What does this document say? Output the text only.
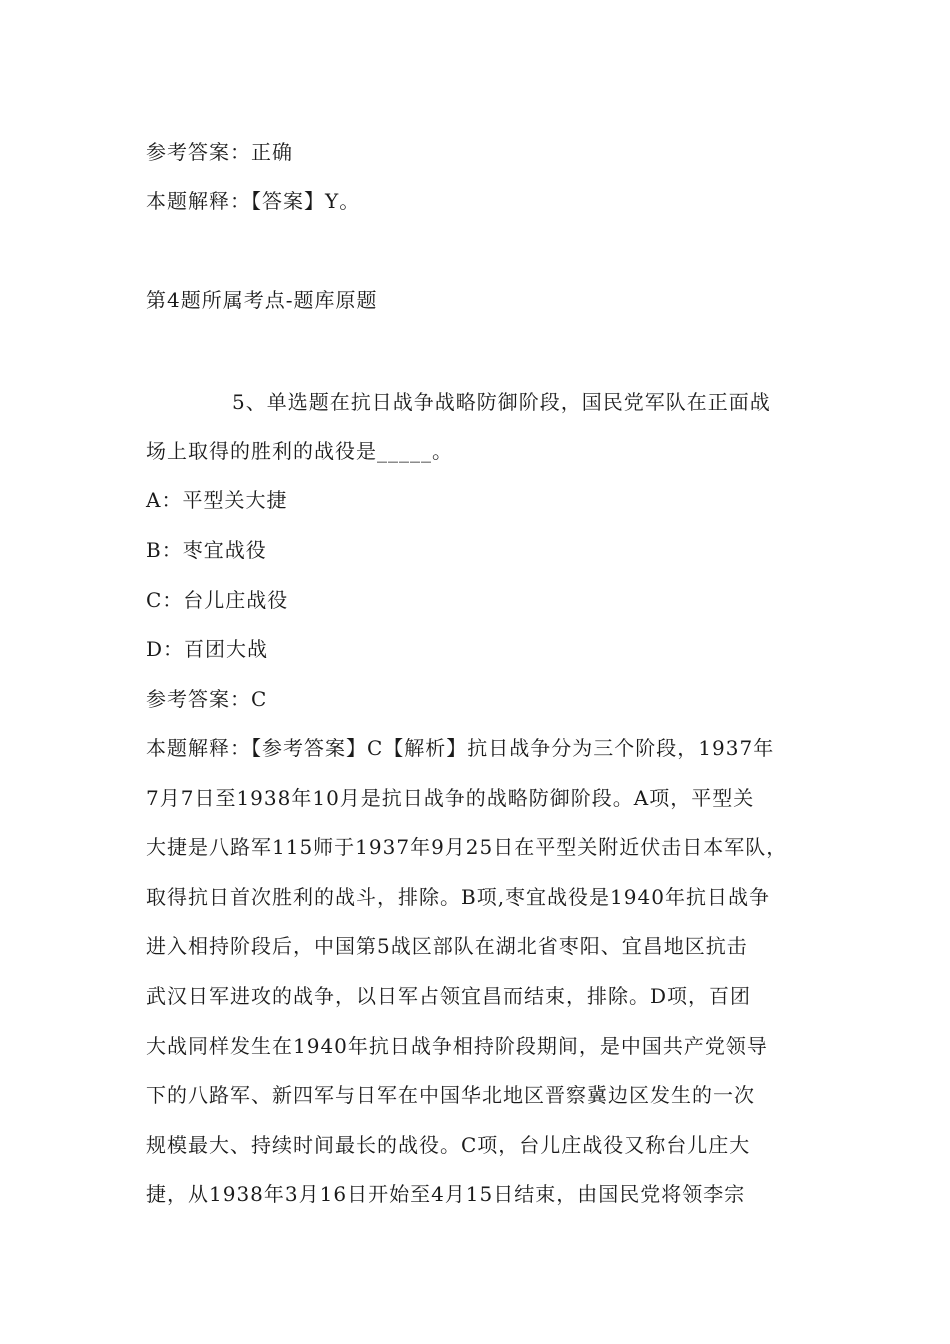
参考答案：正确
本题解释：【答案】Y。
第4题所属考点-题库原题
5、单选题在抗日战争战略防御阶段，国民党军队在正面战
场上取得的胜利的战役是_____。
A：平型关大捷
B：枣宜战役
C：台儿庄战役
D：百团大战
参考答案：C
本题解释：【参考答案】C【解析】抗日战争分为三个阶段，1937年
7月7日至1938年10月是抗日战争的战略防御阶段。A项，平型关
大捷是八路军115师于1937年9月25日在平型关附近伏击日本军队，
取得抗日首次胜利的战斗，排除。B项,枣宜战役是1940年抗日战争
进入相持阶段后，中国第5战区部队在湖北省枣阳、宜昌地区抗击
武汉日军进攻的战争，以日军占领宜昌而结束，排除。D项，百团
大战同样发生在1940年抗日战争相持阶段期间，是中国共产党领导
下的八路军、新四军与日军在中国华北地区晋察冀边区发生的一次
规模最大、持续时间最长的战役。C项，台儿庄战役又称台儿庄大
捷，从1938年3月16日开始至4月15日结束，由国民党将领李宗
